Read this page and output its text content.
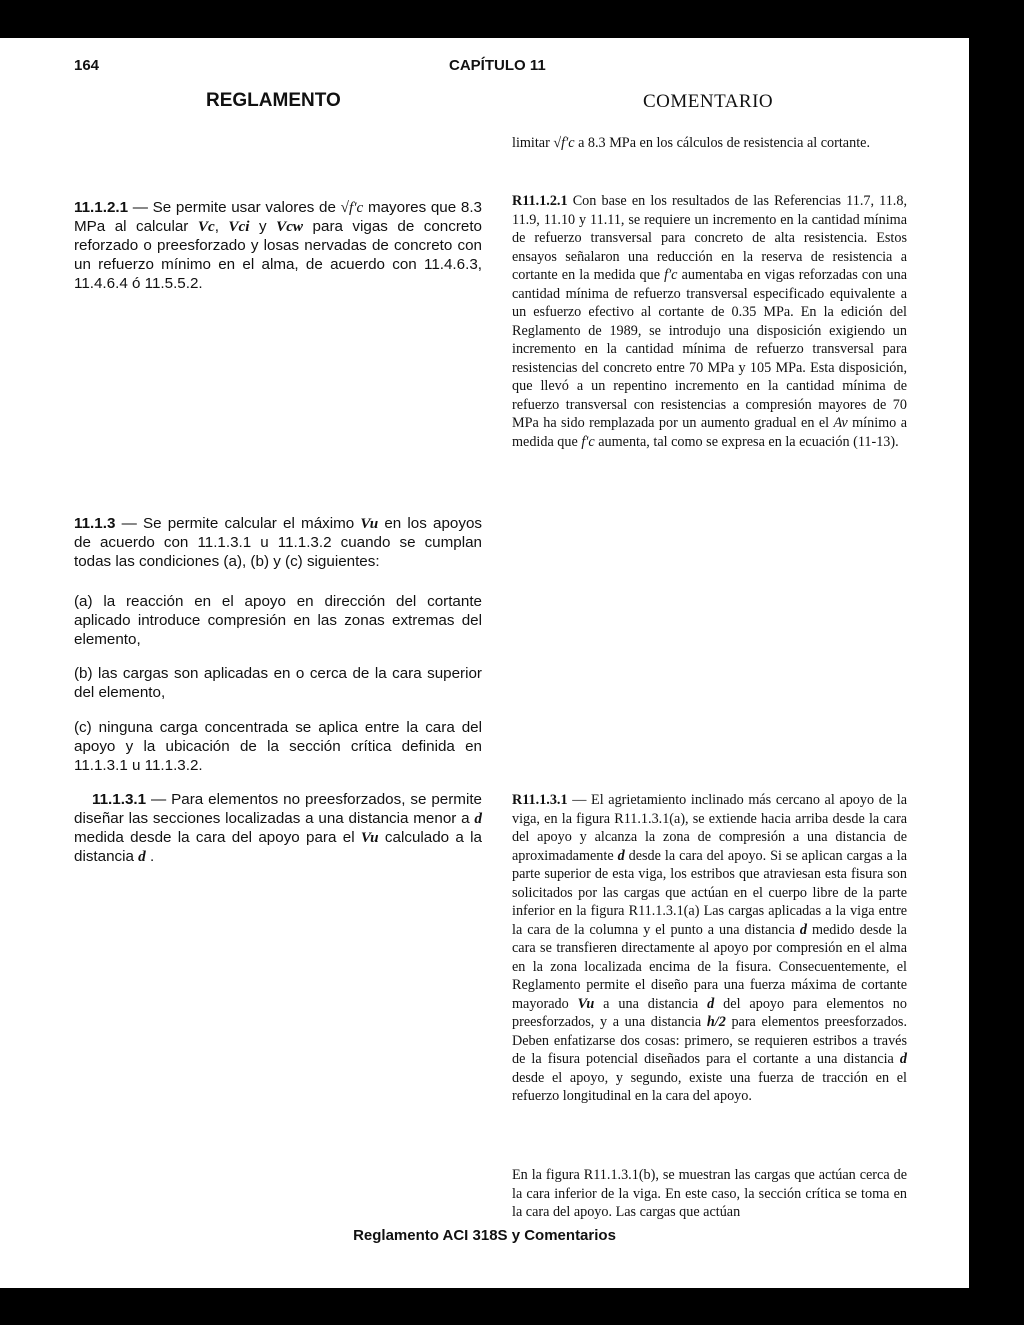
164	CAPÍTULO 11
REGLAMENTO	COMENTARIO
11.1.2.1 — Se permite usar valores de √f′c mayores que 8.3 MPa al calcular Vc, Vci y Vcw para vigas de concreto reforzado o preesforzado y losas nervadas de concreto con un refuerzo mínimo en el alma, de acuerdo con 11.4.6.3, 11.4.6.4 ó 11.5.5.2.
11.1.3 — Se permite calcular el máximo Vu en los apoyos de acuerdo con 11.1.3.1 u 11.1.3.2 cuando se cumplan todas las condiciones (a), (b) y (c) siguientes:
(a) la reacción en el apoyo en dirección del cortante aplicado introduce compresión en las zonas extremas del elemento,
(b) las cargas son aplicadas en o cerca de la cara superior del elemento,
(c) ninguna carga concentrada se aplica entre la cara del apoyo y la ubicación de la sección crítica definida en 11.1.3.1 u 11.1.3.2.
11.1.3.1 — Para elementos no preesforzados, se permite diseñar las secciones localizadas a una distancia menor a d medida desde la cara del apoyo para el Vu calculado a la distancia d .
limitar √f′c a 8.3 MPa en los cálculos de resistencia al cortante.
R11.1.2.1 Con base en los resultados de las Referencias 11.7, 11.8, 11.9, 11.10 y 11.11, se requiere un incremento en la cantidad mínima de refuerzo transversal para concreto de alta resistencia. Estos ensayos señalaron una reducción en la reserva de resistencia a cortante en la medida que f′c aumentaba en vigas reforzadas con una cantidad mínima de refuerzo transversal especificado equivalente a un esfuerzo efectivo al cortante de 0.35 MPa. En la edición del Reglamento de 1989, se introdujo una disposición exigiendo un incremento en la cantidad mínima de refuerzo transversal para resistencias del concreto entre 70 MPa y 105 MPa. Esta disposición, que llevó a un repentino incremento en la cantidad mínima de refuerzo transversal con resistencias a compresión mayores de 70 MPa ha sido remplazada por un aumento gradual en el Av mínimo a medida que f′c aumenta, tal como se expresa en la ecuación (11-13).
R11.1.3.1 — El agrietamiento inclinado más cercano al apoyo de la viga, en la figura R11.1.3.1(a), se extiende hacia arriba desde la cara del apoyo y alcanza la zona de compresión a una distancia de aproximadamente d desde la cara del apoyo. Si se aplican cargas a la parte superior de esta viga, los estribos que atraviesan esta fisura son solicitados por las cargas que actúan en el cuerpo libre de la parte inferior en la figura R11.1.3.1(a) Las cargas aplicadas a la viga entre la cara de la columna y el punto a una distancia d medido desde la cara se transfieren directamente al apoyo por compresión en el alma en la zona localizada encima de la fisura. Consecuentemente, el Reglamento permite el diseño para una fuerza máxima de cortante mayorado Vu a una distancia d del apoyo para elementos no preesforzados, y a una distancia h/2 para elementos preesforzados. Deben enfatizarse dos cosas: primero, se requieren estribos a través de la fisura potencial diseñados para el cortante a una distancia d desde el apoyo, y segundo, existe una fuerza de tracción en el refuerzo longitudinal en la cara del apoyo.
En la figura R11.1.3.1(b), se muestran las cargas que actúan cerca de la cara inferior de la viga. En este caso, la sección crítica se toma en la cara del apoyo. Las cargas que actúan
Reglamento ACI 318S y Comentarios
